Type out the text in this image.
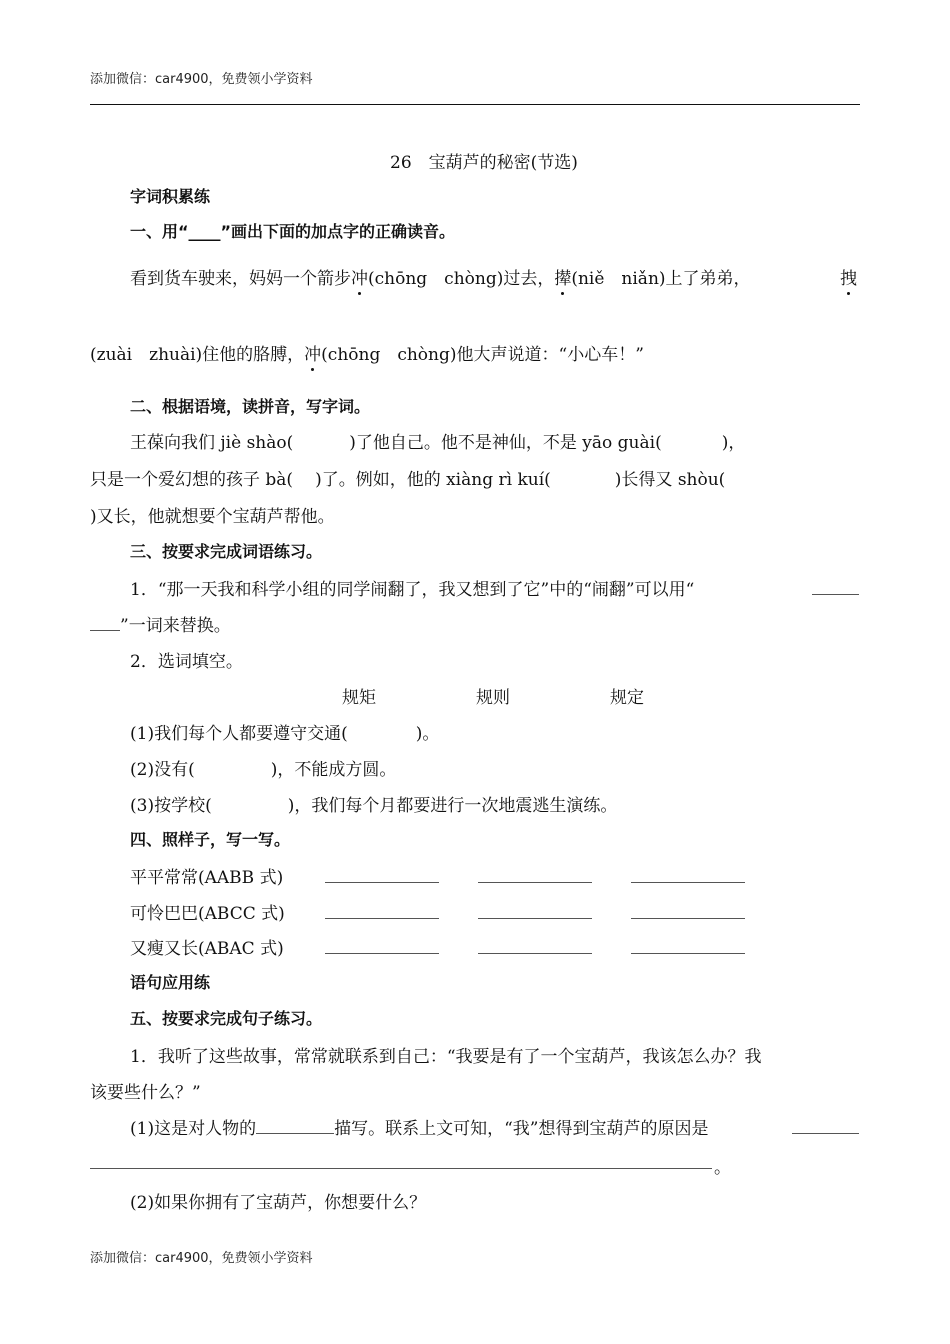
添加微信：car4900，免费领小学资料
26　宝葫芦的秘密(节选)
字词积累练
一、用“____”画出下面的加点字的正确读音。
看到货车驶来，妈妈一个箭步冲(chōng　chòng)过去，撵(niě　niǎn)上了弟弟，	拽
(zuài　zhuài)住他的胳膊，冲(chōng　chòng)他大声说道：“小心车！”
二、根据语境，读拼音，写字词。
王葆向我们 jiè shào(	)了他自己。他不是神仙，不是 yāo guài(	)，
只是一个爱幻想的孩子 bà( )了。例如，他的 xiàng rì kuí(	)长得又 shòu(
)又长，他就想要个宝葫芦帮他。
三、按要求完成词语练习。
1．“那一天我和科学小组的同学闹翻了，我又想到了它”中的“闹翻”可以用“
”一词来替换。
2．选词填空。
规矩	规则	规定
(1)我们每个人都要遵守交通(	)。
(2)没有(	)，不能成方圆。
(3)按学校(	)，我们每个月都要进行一次地震逃生演练。
四、照样子，写一写。
平平常常(AABB 式)
可怜巴巴(ABCC 式)
又瘦又长(ABAC 式)
语句应用练
五、按要求完成句子练习。
1．我听了这些故事，常常就联系到自己：“我要是有了一个宝葫芦，我该怎么办？我
该要些什么？”
(1)这是对人物的	描写。联系上文可知，“我”想得到宝葫芦的原因是
。
(2)如果你拥有了宝葫芦，你想要什么？
添加微信：car4900，免费领小学资料
